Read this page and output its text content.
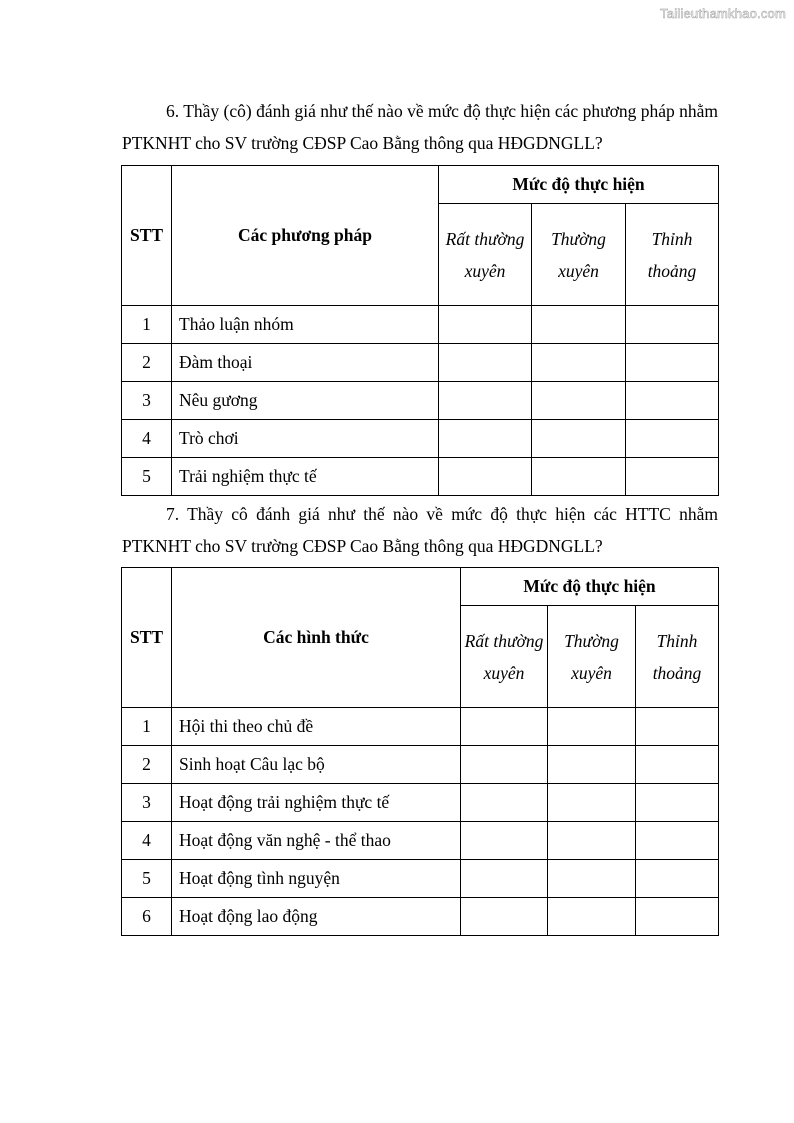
Tailieuthamkhao.com

6. Thầy (cô) đánh giá như thế nào về mức độ thực hiện các phương pháp nhằm PTKNHT cho SV trường CĐSP Cao Bằng thông qua HĐGDNGLL?

STT	Các phương pháp	Mức độ thực hiện		
		Rất thường xuyên	Thường xuyên	Thỉnh thoảng
1	Thảo luận nhóm			
2	Đàm thoại			
3	Nêu gương			
4	Trò chơi			
5	Trải nghiệm thực tế			

7. Thầy cô đánh giá như thế nào về mức độ thực hiện các HTTC nhằm PTKNHT cho SV trường CĐSP Cao Bằng thông qua HĐGDNGLL?

STT	Các hình thức	Mức độ thực hiện		
		Rất thường xuyên	Thường xuyên	Thỉnh thoảng
1	Hội thi theo chủ đề			
2	Sinh hoạt Câu lạc bộ			
3	Hoạt động trải nghiệm thực tế			
4	Hoạt động văn nghệ - thể thao			
5	Hoạt động tình nguyện			
6	Hoạt động lao động			
